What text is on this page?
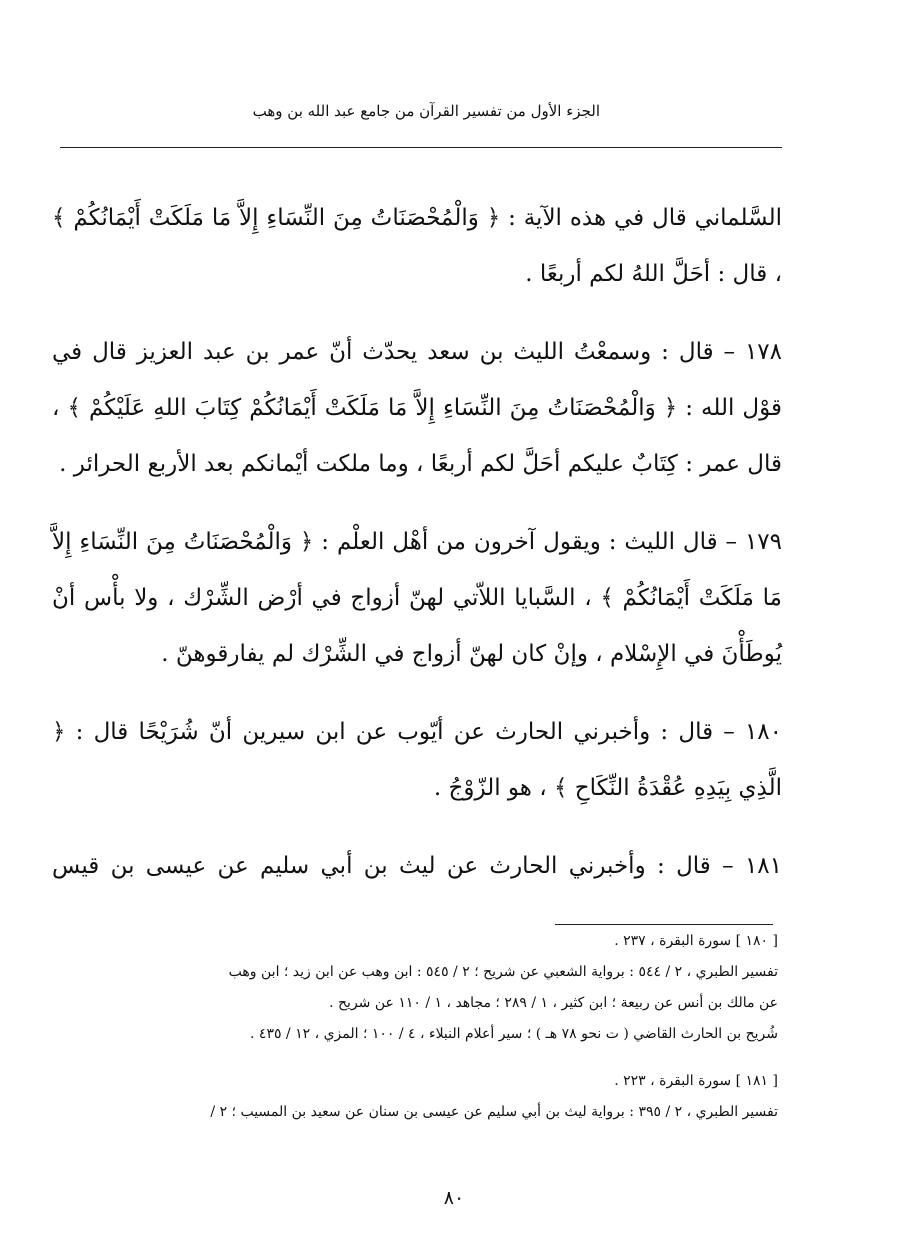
الجزء الأول من تفسير القرآن من جامع عبد الله بن وهب

السَّلماني قال في هذه الآية : ﴿ وَالْمُحْصَنَاتُ مِنَ النِّسَاءِ إِلاَّ مَا مَلَكَتْ أَيْمَانُكُمْ ﴾ ، قال : أحَلَّ اللهُ لكم أربعًا .

١٧٨ – قال : وسمعْتُ الليث بن سعد يحدّث أنّ عمر بن عبد العزيز قال في قوْل الله : ﴿ وَالْمُحْصَنَاتُ مِنَ النِّسَاءِ إِلاَّ مَا مَلَكَتْ أَيْمَانُكُمْ كِتَابَ اللهِ عَلَيْكُمْ ﴾ ، قال عمر : كِتَابٌ عليكم أحَلَّ لكم أربعًا ، وما ملكت أيْمانكم بعد الأربع الحرائر .

١٧٩ – قال الليث : ويقول آخرون من أهْل العلْم : ﴿ وَالْمُحْصَنَاتُ مِنَ النِّسَاءِ إِلاَّ مَا مَلَكَتْ أَيْمَانُكُمْ ﴾ ، السَّبايا اللاّتي لهنّ أزواج في أرْض الشِّرْك ، ولا بأْس أنْ يُوطَأْنَ في الإِسْلام ، وإنْ كان لهنّ أزواج في الشِّرْك لم يفارقوهنّ .

١٨٠ – قال : وأخبرني الحارث عن أيّوب عن ابن سيرين أنّ شُرَيْحًا قال : ﴿ الَّذِي بِيَدِهِ عُقْدَةُ النِّكَاحِ ﴾ ، هو الزّوْجُ .

١٨١ – قال : وأخبرني الحارث عن ليث بن أبي سليم عن عيسى بن قيس

[ ١٨٠ ] سورة البقرة ، ٢٣٧ .

تفسير الطبري ، ٢ / ٥٤٤ : برواية الشعبي عن شريح ؛ ٢ / ٥٤٥ : ابن وهب عن ابن زيد ؛ ابن وهب

عن مالك بن أنس عن ربيعة ؛ ابن كثير ، ١ / ٢٨٩ ؛ مجاهد ، ١ / ١١٠ عن شريح .

شُريح بن الحارث القاضي ( ت نحو ٧٨ هـ ) ؛ سير أعلام النبلاء ، ٤ / ١٠٠ ؛ المزي ، ١٢ / ٤٣٥ .

[ ١٨١ ] سورة البقرة ، ٢٢٣ .

تفسير الطبري ، ٢ / ٣٩٥ : برواية ليث بن أبي سليم عن عيسى بن سنان عن سعيد بن المسيب ؛ ٢ /

٨٠
